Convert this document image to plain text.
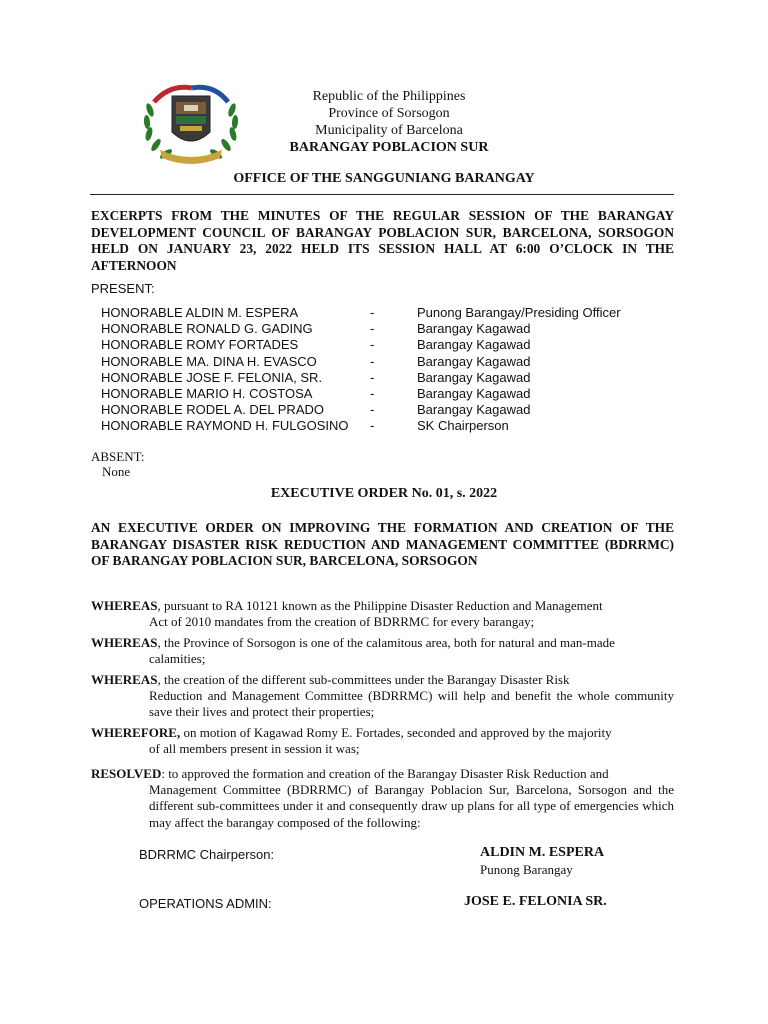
Republic of the Philippines
Province of Sorsogon
Municipality of Barcelona
BARANGAY POBLACION SUR
OFFICE OF THE SANGGUNIANG BARANGAY
EXCERPTS FROM THE MINUTES OF THE REGULAR SESSION OF THE BARANGAY DEVELOPMENT COUNCIL OF BARANGAY POBLACION SUR, BARCELONA, SORSOGON HELD ON JANUARY 23, 2022 HELD ITS SESSION HALL AT 6:00 O’CLOCK IN THE AFTERNOON
PRESENT:
HONORABLE ALDIN M. ESPERA	-	Punong Barangay/Presiding Officer
HONORABLE RONALD G. GADING	-	Barangay Kagawad
HONORABLE ROMY FORTADES	-	Barangay Kagawad
HONORABLE MA. DINA H. EVASCO	-	Barangay Kagawad
HONORABLE JOSE F. FELONIA, SR.	-	Barangay Kagawad
HONORABLE MARIO H. COSTOSA	-	Barangay Kagawad
HONORABLE RODEL A. DEL PRADO	-	Barangay Kagawad
HONORABLE RAYMOND H. FULGOSINO -	SK Chairperson
ABSENT:
None
EXECUTIVE ORDER No. 01, s. 2022
AN EXECUTIVE ORDER ON IMPROVING THE FORMATION AND CREATION OF THE BARANGAY DISASTER RISK REDUCTION AND MANAGEMENT COMMITTEE (BDRRMC) OF BARANGAY POBLACION SUR, BARCELONA, SORSOGON
WHEREAS, pursuant to RA 10121 known as the Philippine Disaster Reduction and Management
Act of 2010 mandates from the creation of BDRRMC for every barangay;
WHEREAS, the Province of Sorsogon is one of the calamitous area, both for natural and man-made
calamities;
WHEREAS, the creation of the different sub-committees under the Barangay Disaster Risk
Reduction and Management Committee (BDRRMC) will help and benefit the whole community save their lives and protect their properties;
WHEREFORE, on motion of Kagawad Romy E. Fortades, seconded and approved by the majority
of all members present in session it was;
RESOLVED: to approved the formation and creation of the Barangay Disaster Risk Reduction and
Management Committee (BDRRMC) of Barangay Poblacion Sur, Barcelona, Sorsogon and the different sub-committees under it and consequently draw up plans for all type of emergencies which may affect the barangay composed of the following:
BDRRMC Chairperson:	ALDIN M. ESPERA
Punong Barangay
OPERATIONS ADMIN:	JOSE E. FELONIA SR.
